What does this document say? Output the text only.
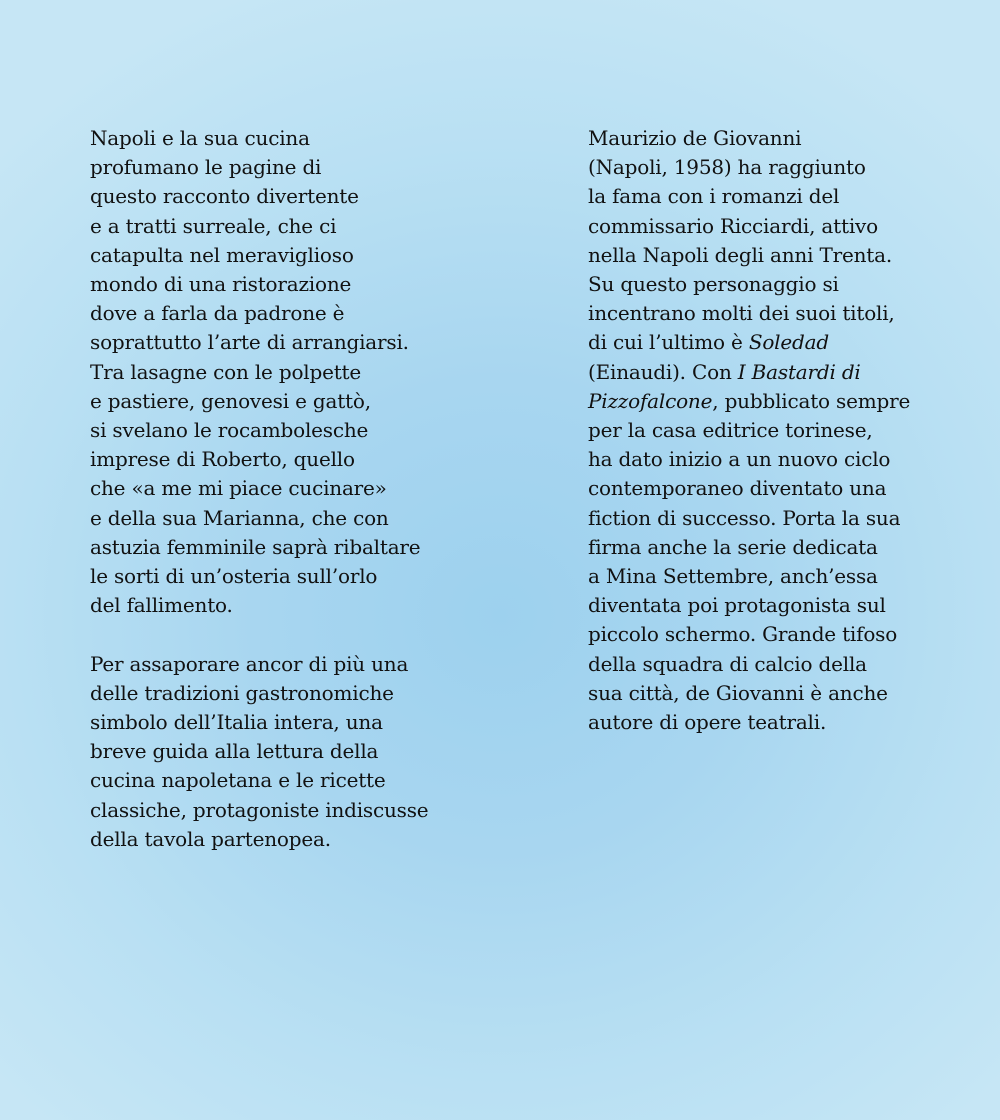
Napoli e la sua cucina
profumano le pagine di
questo racconto divertente
e a tratti surreale, che ci
catapulta nel meraviglioso
mondo di una ristorazione
dove a farla da padrone è
soprattutto l’arte di arrangiarsi.
Tra lasagne con le polpette
e pastiere, genovesi e gattò,
si svelano le rocambolesche
imprese di Roberto, quello
che «a me mi piace cucinare»
e della sua Marianna, che con
astuzia femminile saprà ribaltare
le sorti di un’osteria sull’orlo
del fallimento.

Per assaporare ancor di più una
delle tradizioni gastronomiche
simbolo dell’Italia intera, una
breve guida alla lettura della
cucina napoletana e le ricette
classiche, protagoniste indiscusse
della tavola partenopea.

Maurizio de Giovanni
(Napoli, 1958) ha raggiunto
la fama con i romanzi del
commissario Ricciardi, attivo
nella Napoli degli anni Trenta.
Su questo personaggio si
incentrano molti dei suoi titoli,
di cui l’ultimo è Soledad
(Einaudi). Con I Bastardi di
Pizzofalcone, pubblicato sempre
per la casa editrice torinese,
ha dato inizio a un nuovo ciclo
contemporaneo diventato una
fiction di successo. Porta la sua
firma anche la serie dedicata
a Mina Settembre, anch’essa
diventata poi protagonista sul
piccolo schermo. Grande tifoso
della squadra di calcio della
sua città, de Giovanni è anche
autore di opere teatrali.
